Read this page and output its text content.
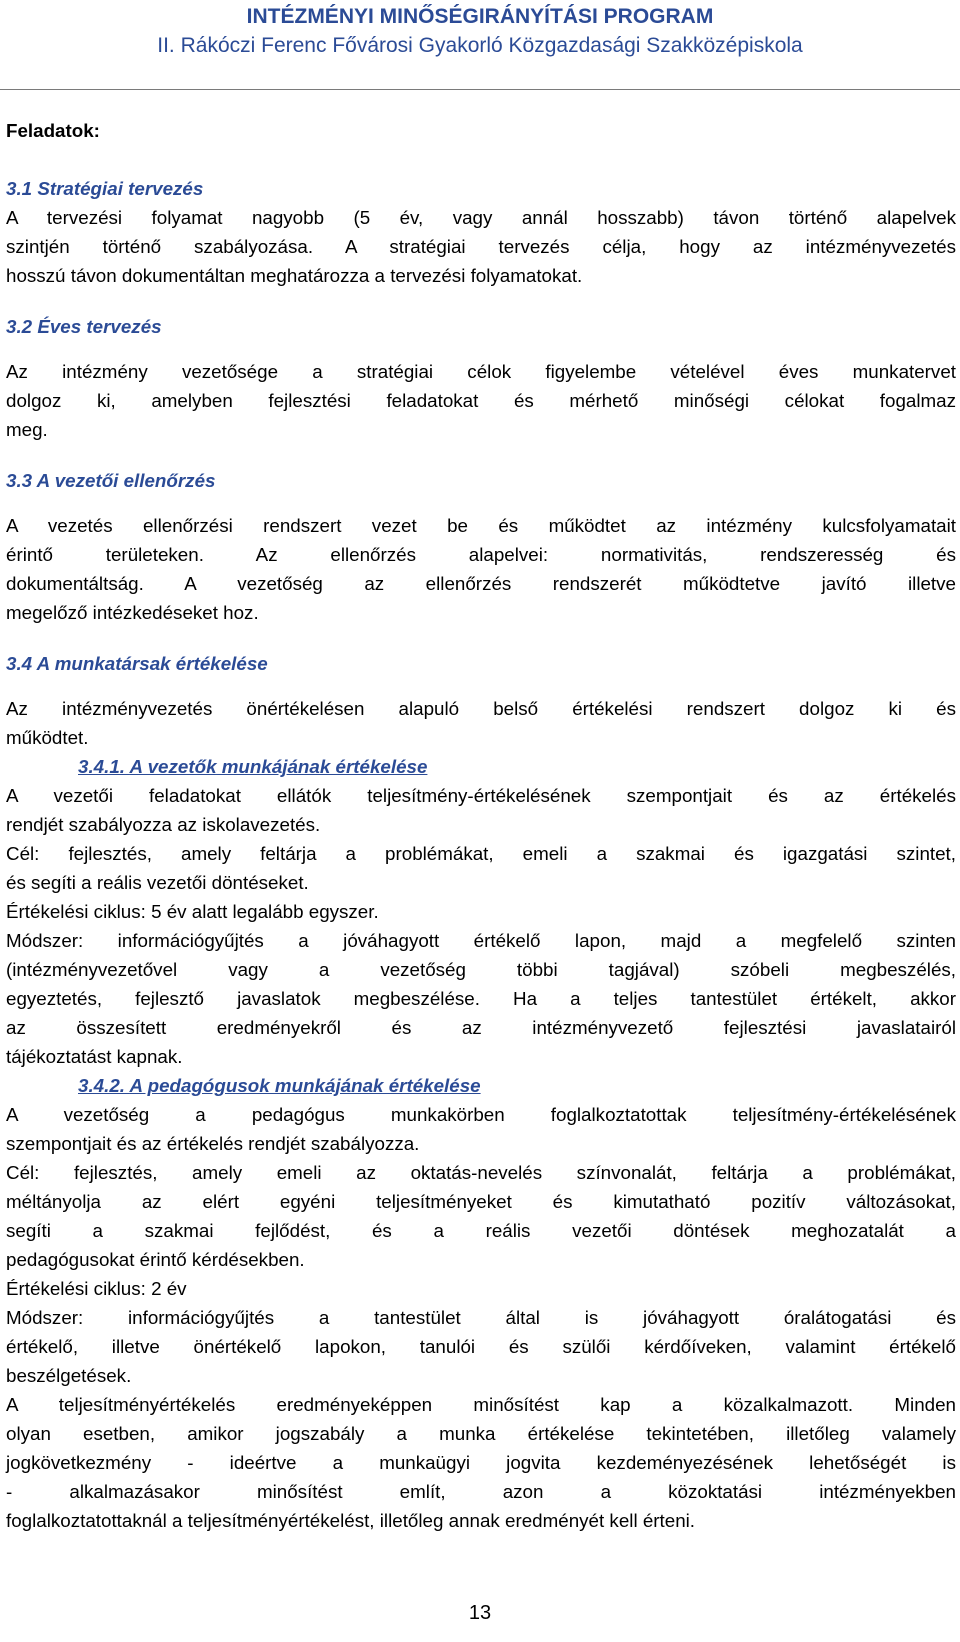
INTÉZMÉNYI MINŐSÉGIRÁNYÍTÁSI PROGRAM
II. Rákóczi Ferenc Fővárosi Gyakorló Közgazdasági Szakközépiskola
Feladatok:
3.1 Stratégiai tervezés

A tervezési folyamat nagyobb (5 év, vagy annál hosszabb) távon történő alapelvek
szintjén történő szabályozása. A stratégiai tervezés célja, hogy az intézményvezetés
hosszú távon dokumentáltan meghatározza a tervezési folyamatokat.

3.2 Éves tervezés

Az intézmény vezetősége a stratégiai célok figyelembe vételével éves munkatervet
dolgoz ki, amelyben fejlesztési feladatokat és mérhető minőségi célokat fogalmaz
meg.

3.3 A vezetői ellenőrzés

A vezetés ellenőrzési rendszert vezet be és működtet az intézmény kulcsfolyamatait
érintő területeken. Az ellenőrzés alapelvei: normativitás, rendszeresség és
dokumentáltság. A vezetőség az ellenőrzés rendszerét működtetve javító illetve
megelőző intézkedéseket hoz.

3.4 A munkatársak értékelése

Az intézményvezetés önértékelésen alapuló belső értékelési rendszert dolgoz ki és
működtet.

3.4.1. A vezetők munkájának értékelése

A vezetői feladatokat ellátók teljesítmény-értékelésének szempontjait és az értékelés
rendjét szabályozza az iskolavezetés.
Cél: fejlesztés, amely feltárja a problémákat, emeli a szakmai és igazgatási szintet,
és segíti a reális vezetői döntéseket.
Értékelési ciklus: 5 év alatt legalább egyszer.
Módszer: információgyűjtés a jóváhagyott értékelő lapon, majd a megfelelő szinten
(intézményvezetővel vagy a vezetőség többi tagjával) szóbeli megbeszélés,
egyeztetés, fejlesztő javaslatok megbeszélése. Ha a teljes tantestület értékelt, akkor
az összesített eredményekről és az intézményvezető fejlesztési javaslatairól
tájékoztatást kapnak.

3.4.2. A pedagógusok munkájának értékelése

A vezetőség a pedagógus munkakörben foglalkoztatottak teljesítmény-értékelésének
szempontjait és az értékelés rendjét szabályozza.
Cél: fejlesztés, amely emeli az oktatás-nevelés színvonalát, feltárja a problémákat,
méltányolja az elért egyéni teljesítményeket és kimutatható pozitív változásokat,
segíti a szakmai fejlődést, és a reális vezetői döntések meghozatalát a
pedagógusokat érintő kérdésekben.
Értékelési ciklus: 2 év
Módszer: információgyűjtés a tantestület által is jóváhagyott óralátogatási és
értékelő, illetve önértékelő lapokon, tanulói és szülői kérdőíveken, valamint értékelő
beszélgetések.
A teljesítményértékelés eredményeképpen minősítést kap a közalkalmazott. Minden
olyan esetben, amikor jogszabály a munka értékelése tekintetében, illetőleg valamely
jogkövetkezmény - ideértve a munkaügyi jogvita kezdeményezésének lehetőségét is
- alkalmazásakor minősítést említ, azon a közoktatási intézményekben
foglalkoztatottaknál a teljesítményértékelést, illetőleg annak eredményét kell érteni.

13
